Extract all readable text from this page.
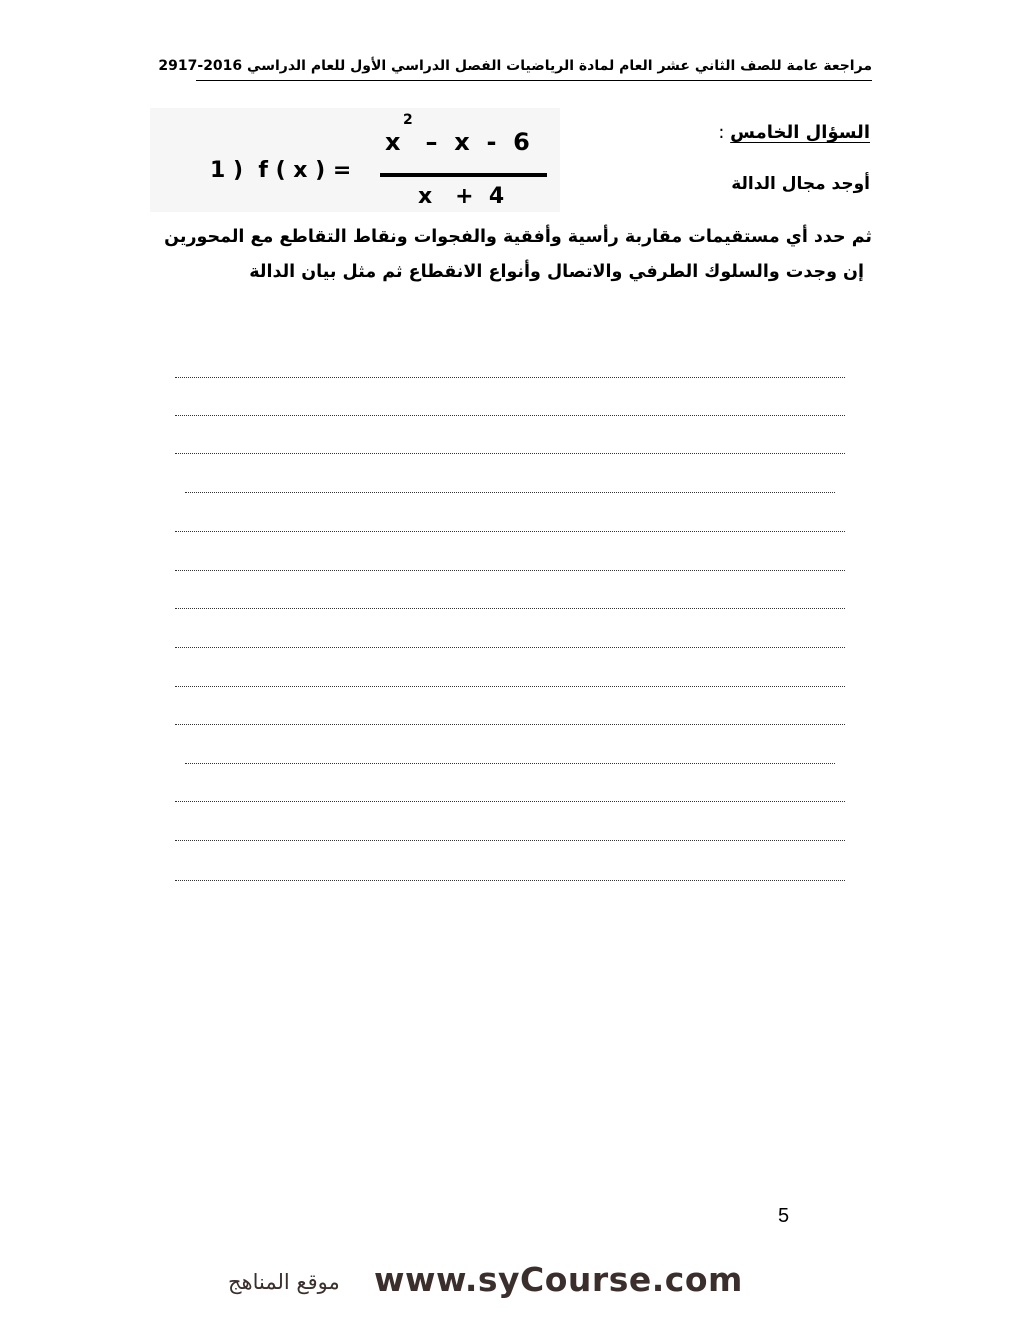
مراجعة عامة للصف الثاني عشر العام لمادة الرياضيات الفصل الدراسي الأول للعام الدراسي 2016-2917
1 )  f ( x ) =
2
x   –  x  -  6
x   +  4
السؤال الخامس :
أوجد مجال الدالة
ثم حدد أي مستقيمات مقاربة رأسية وأفقية والفجوات ونقاط التقاطع مع المحورين
إن وجدت والسلوك الطرفي والاتصال وأنواع الانقطاع ثم مثل بيان الدالة
5
موقع المناهج www.syCourse.com
